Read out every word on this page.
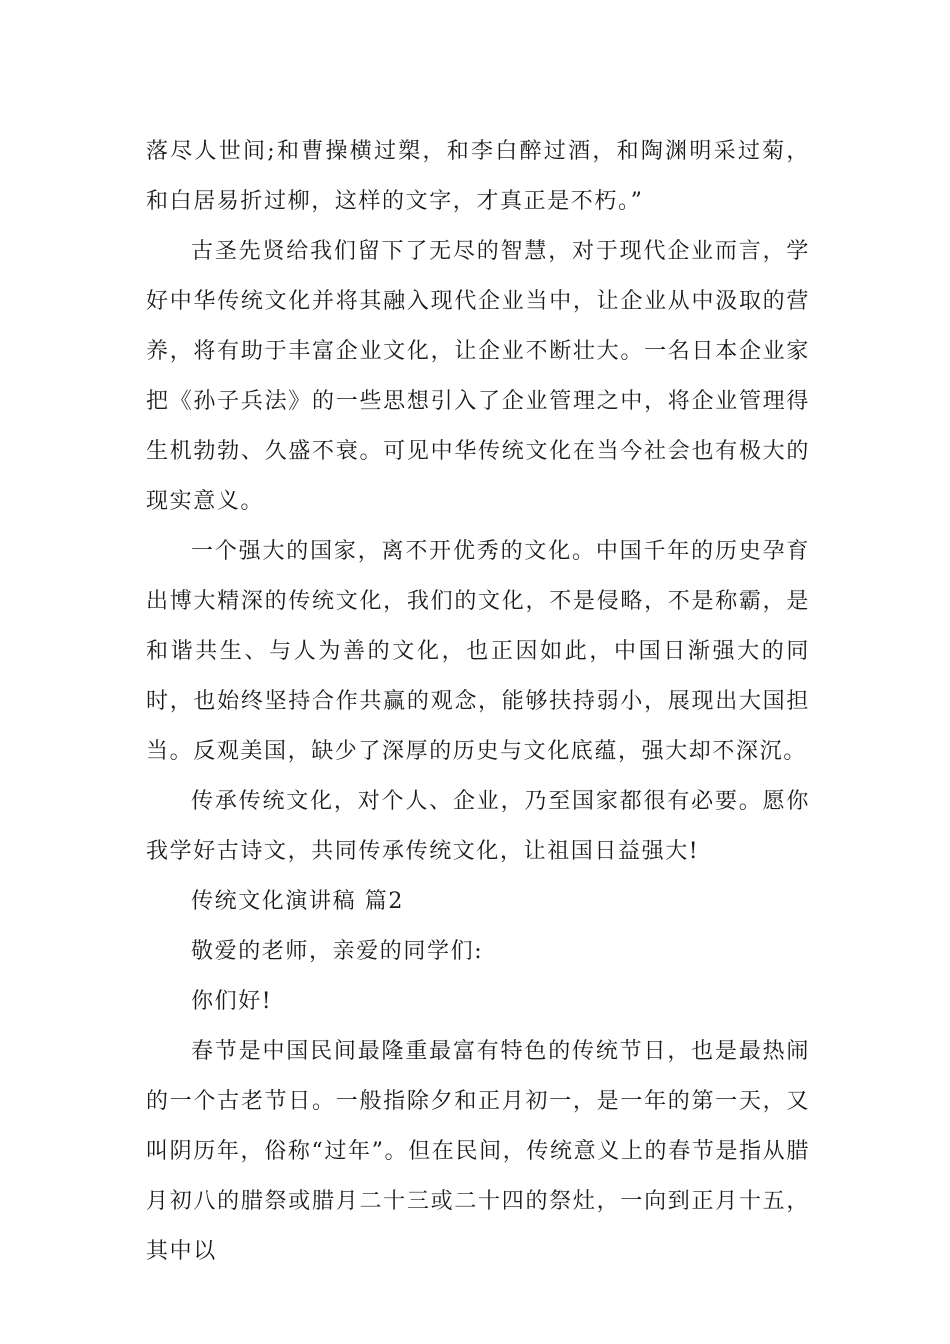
落尽人世间;和曹操横过槊，和李白醉过酒，和陶渊明采过菊，和白居易折过柳，这样的文字，才真正是不朽。”

古圣先贤给我们留下了无尽的智慧，对于现代企业而言，学好中华传统文化并将其融入现代企业当中，让企业从中汲取的营养，将有助于丰富企业文化，让企业不断壮大。一名日本企业家把《孙子兵法》的一些思想引入了企业管理之中，将企业管理得生机勃勃、久盛不衰。可见中华传统文化在当今社会也有极大的现实意义。

一个强大的国家，离不开优秀的文化。中国千年的历史孕育出博大精深的传统文化，我们的文化，不是侵略，不是称霸，是和谐共生、与人为善的文化，也正因如此，中国日渐强大的同时，也始终坚持合作共赢的观念，能够扶持弱小，展现出大国担当。反观美国，缺少了深厚的历史与文化底蕴，强大却不深沉。

传承传统文化，对个人、企业，乃至国家都很有必要。愿你我学好古诗文，共同传承传统文化，让祖国日益强大!

传统文化演讲稿 篇2

敬爱的老师，亲爱的同学们:

你们好!

春节是中国民间最隆重最富有特色的传统节日，也是最热闹的一个古老节日。一般指除夕和正月初一，是一年的第一天，又叫阴历年，俗称“过年”。但在民间，传统意义上的春节是指从腊月初八的腊祭或腊月二十三或二十四的祭灶，一向到正月十五，其中以
